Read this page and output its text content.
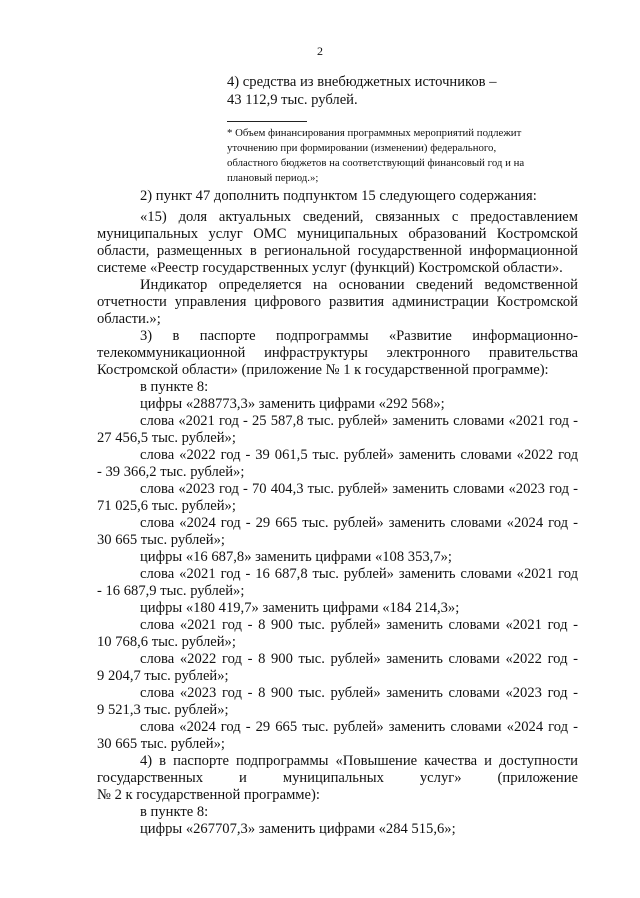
2
4) средства из внебюджетных источников –
43 112,9 тыс. рублей.
* Объем финансирования программных мероприятий подлежит
уточнению при формировании (изменении) федерального,
областного бюджетов на соответствующий финансовый год и на
плановый период.»;
2) пункт 47 дополнить подпунктом 15 следующего содержания:
«15) доля актуальных сведений, связанных с предоставлением
муниципальных услуг ОМС муниципальных образований Костромской
области, размещенных в региональной государственной информационной
системе «Реестр государственных услуг (функций) Костромской области».
Индикатор определяется на основании сведений ведомственной
отчетности управления цифрового развития администрации Костромской
области.»;
3) в паспорте подпрограммы «Развитие информационно-
телекоммуникационной инфраструктуры электронного правительства
Костромской области» (приложение № 1 к государственной программе):
в пункте 8:
цифры «288773,3» заменить цифрами «292 568»;
слова «2021 год - 25 587,8 тыс. рублей» заменить словами «2021 год -
27 456,5 тыс. рублей»;
слова «2022 год - 39 061,5 тыс. рублей» заменить словами «2022 год
- 39 366,2 тыс. рублей»;
слова «2023 год - 70 404,3 тыс. рублей» заменить словами «2023 год -
71 025,6 тыс. рублей»;
слова «2024 год - 29 665 тыс. рублей» заменить словами «2024 год -
30 665 тыс. рублей»;
цифры «16 687,8» заменить цифрами «108 353,7»;
слова «2021 год - 16 687,8 тыс. рублей» заменить словами «2021 год
- 16 687,9 тыс. рублей»;
цифры «180 419,7» заменить цифрами «184 214,3»;
слова «2021 год - 8 900 тыс. рублей» заменить словами «2021 год -
10 768,6 тыс. рублей»;
слова «2022 год - 8 900 тыс. рублей» заменить словами «2022 год -
9 204,7 тыс. рублей»;
слова «2023 год - 8 900 тыс. рублей» заменить словами «2023 год -
9 521,3 тыс. рублей»;
слова «2024 год - 29 665 тыс. рублей» заменить словами «2024 год -
30 665 тыс. рублей»;
4) в паспорте подпрограммы «Повышение качества и доступности
государственных и муниципальных услуг» (приложение
№ 2 к государственной программе):
в пункте 8:
цифры «267707,3» заменить цифрами «284 515,6»;
